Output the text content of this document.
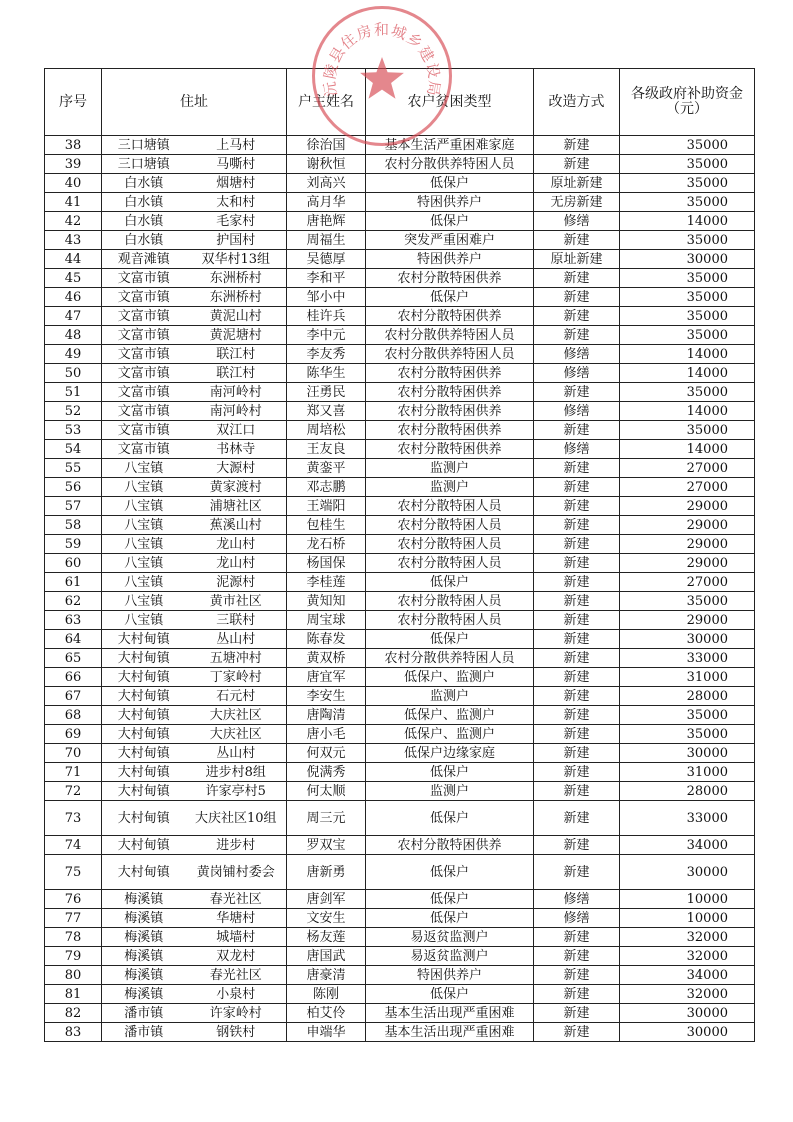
沅陵县住房和城乡建设局
序号	住址		户主姓名	农户贫困类型	改造方式	各级政府补助资金（元）
38	三口塘镇	上马村	徐治国	基本生活严重困难家庭	新建	35000
39	三口塘镇	马嘶村	谢秋恒	农村分散供养特困人员	新建	35000
40	白水镇	烟塘村	刘高兴	低保户	原址新建	35000
41	白水镇	太和村	高月华	特困供养户	无房新建	35000
42	白水镇	毛家村	唐艳辉	低保户	修缮	14000
43	白水镇	护国村	周福生	突发严重困难户	新建	35000
44	观音滩镇	双华村13组	吴德厚	特困供养户	原址新建	30000
45	文富市镇	东洲桥村	李和平	农村分散特困供养	新建	35000
46	文富市镇	东洲桥村	邹小中	低保户	新建	35000
47	文富市镇	黄泥山村	桂许兵	农村分散特困供养	新建	35000
48	文富市镇	黄泥塘村	李中元	农村分散供养特困人员	新建	35000
49	文富市镇	联江村	李友秀	农村分散供养特困人员	修缮	14000
50	文富市镇	联江村	陈华生	农村分散特困供养	修缮	14000
51	文富市镇	南河岭村	汪勇民	农村分散特困供养	新建	35000
52	文富市镇	南河岭村	郑又喜	农村分散特困供养	修缮	14000
53	文富市镇	双江口	周培松	农村分散特困供养	新建	35000
54	文富市镇	书林寺	王友良	农村分散特困供养	修缮	14000
55	八宝镇	大源村	黄銮平	监测户	新建	27000
56	八宝镇	黄家渡村	邓志鹏	监测户	新建	27000
57	八宝镇	浦塘社区	王端阳	农村分散特困人员	新建	29000
58	八宝镇	蕉溪山村	包桂生	农村分散特困人员	新建	29000
59	八宝镇	龙山村	龙石桥	农村分散特困人员	新建	29000
60	八宝镇	龙山村	杨国保	农村分散特困人员	新建	29000
61	八宝镇	泥源村	李桂莲	低保户	新建	27000
62	八宝镇	黄市社区	黄知知	农村分散特困人员	新建	35000
63	八宝镇	三联村	周宝球	农村分散特困人员	新建	29000
64	大村甸镇	丛山村	陈春发	低保户	新建	30000
65	大村甸镇	五塘冲村	黄双桥	农村分散供养特困人员	新建	33000
66	大村甸镇	丁家岭村	唐宜军	低保户、监测户	新建	31000
67	大村甸镇	石元村	李安生	监测户	新建	28000
68	大村甸镇	大庆社区	唐陶清	低保户、监测户	新建	35000
69	大村甸镇	大庆社区	唐小毛	低保户、监测户	新建	35000
70	大村甸镇	丛山村	何双元	低保户边缘家庭	新建	30000
71	大村甸镇	进步村8组	倪满秀	低保户	新建	31000
72	大村甸镇	许家亭村5	何太顺	监测户	新建	28000
73	大村甸镇	大庆社区10组	周三元	低保户	新建	33000
74	大村甸镇	进步村	罗双宝	农村分散特困供养	新建	34000
75	大村甸镇	黄岗铺村委会	唐新勇	低保户	新建	30000
76	梅溪镇	春光社区	唐剑军	低保户	修缮	10000
77	梅溪镇	华塘村	文安生	低保户	修缮	10000
78	梅溪镇	城墙村	杨友莲	易返贫监测户	新建	32000
79	梅溪镇	双龙村	唐国武	易返贫监测户	新建	32000
80	梅溪镇	春光社区	唐豪清	特困供养户	新建	34000
81	梅溪镇	小泉村	陈刚	低保户	新建	32000
82	潘市镇	许家岭村	柏艾伶	基本生活出现严重困难	新建	30000
83	潘市镇	钢铁村	申端华	基本生活出现严重困难	新建	30000
